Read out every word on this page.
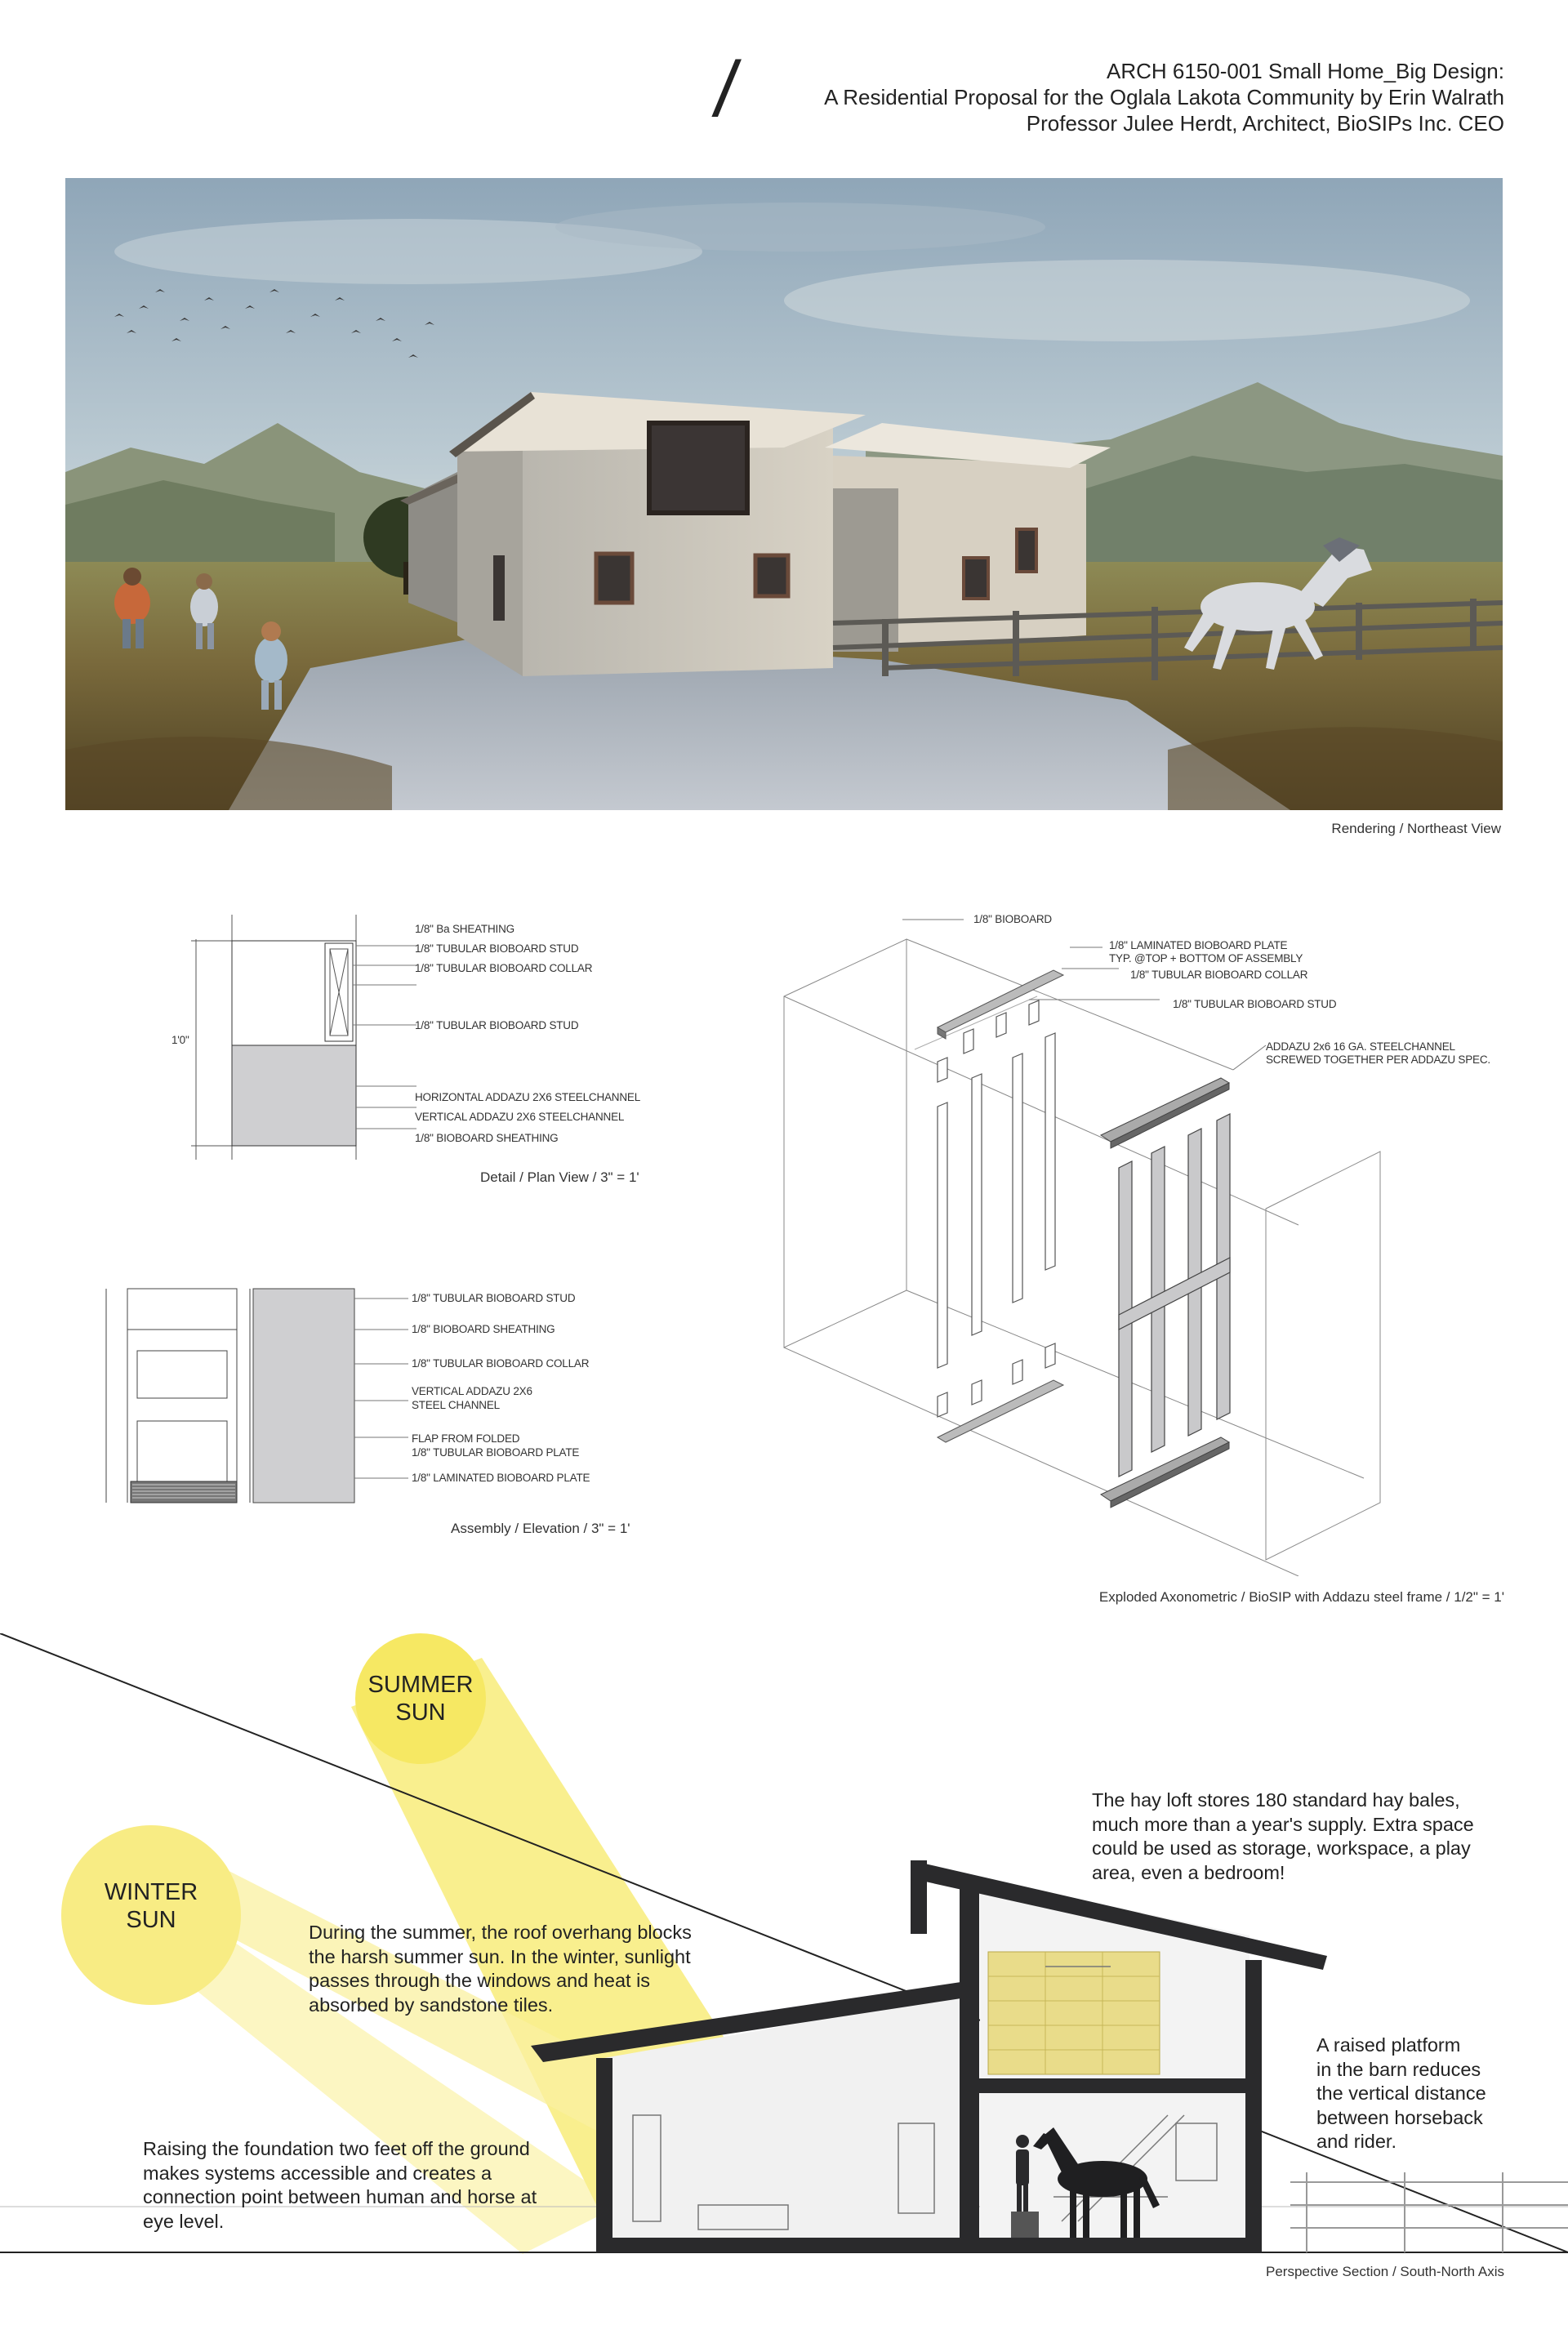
/	ARCH 6150-001 Small Home_Big Design:
A Residential Proposal for the Oglala Lakota Community by Erin Walrath
Professor Julee Herdt, Architect, BioSIPs Inc. CEO
Rendering / Northeast View
1'0"
1/8" Ba SHEATHING
1/8" TUBULAR BIOBOARD STUD
1/8" TUBULAR BIOBOARD COLLAR
1/8" TUBULAR BIOBOARD STUD
HORIZONTAL ADDAZU 2X6 STEELCHANNEL
VERTICAL ADDAZU 2X6 STEELCHANNEL
1/8" BIOBOARD SHEATHING
Detail / Plan View / 3" = 1'
1/8" TUBULAR BIOBOARD STUD
1/8" BIOBOARD SHEATHING
1/8" TUBULAR BIOBOARD COLLAR
VERTICAL ADDAZU 2X6
STEEL CHANNEL
FLAP FROM FOLDED
1/8" TUBULAR BIOBOARD PLATE
1/8" LAMINATED BIOBOARD PLATE
Assembly / Elevation / 3" = 1'
1/8" BIOBOARD
1/8" LAMINATED BIOBOARD PLATE
TYP. @TOP + BOTTOM OF ASSEMBLY
1/8" TUBULAR BIOBOARD COLLAR
1/8" TUBULAR BIOBOARD STUD
ADDAZU 2x6 16 GA. STEELCHANNEL
SCREWED TOGETHER PER ADDAZU SPEC.
Exploded Axonometric / BioSIP with Addazu steel frame / 1/2" = 1'
SUMMER
SUN
WINTER
SUN	During the summer, the roof overhang blocks
the harsh summer sun. In the winter, sunlight
passes through the windows and heat is
absorbed by sandstone tiles.
The hay loft stores 180 standard hay bales,
much more than a year's supply. Extra space
could be used as storage, workspace, a play
area, even a bedroom!
A raised platform
in the barn reduces
the vertical distance
between horseback
and rider.
Raising the foundation two feet off the ground
makes systems accessible and creates a
connection point between human and horse at
eye level.
Perspective Section / South-North Axis
